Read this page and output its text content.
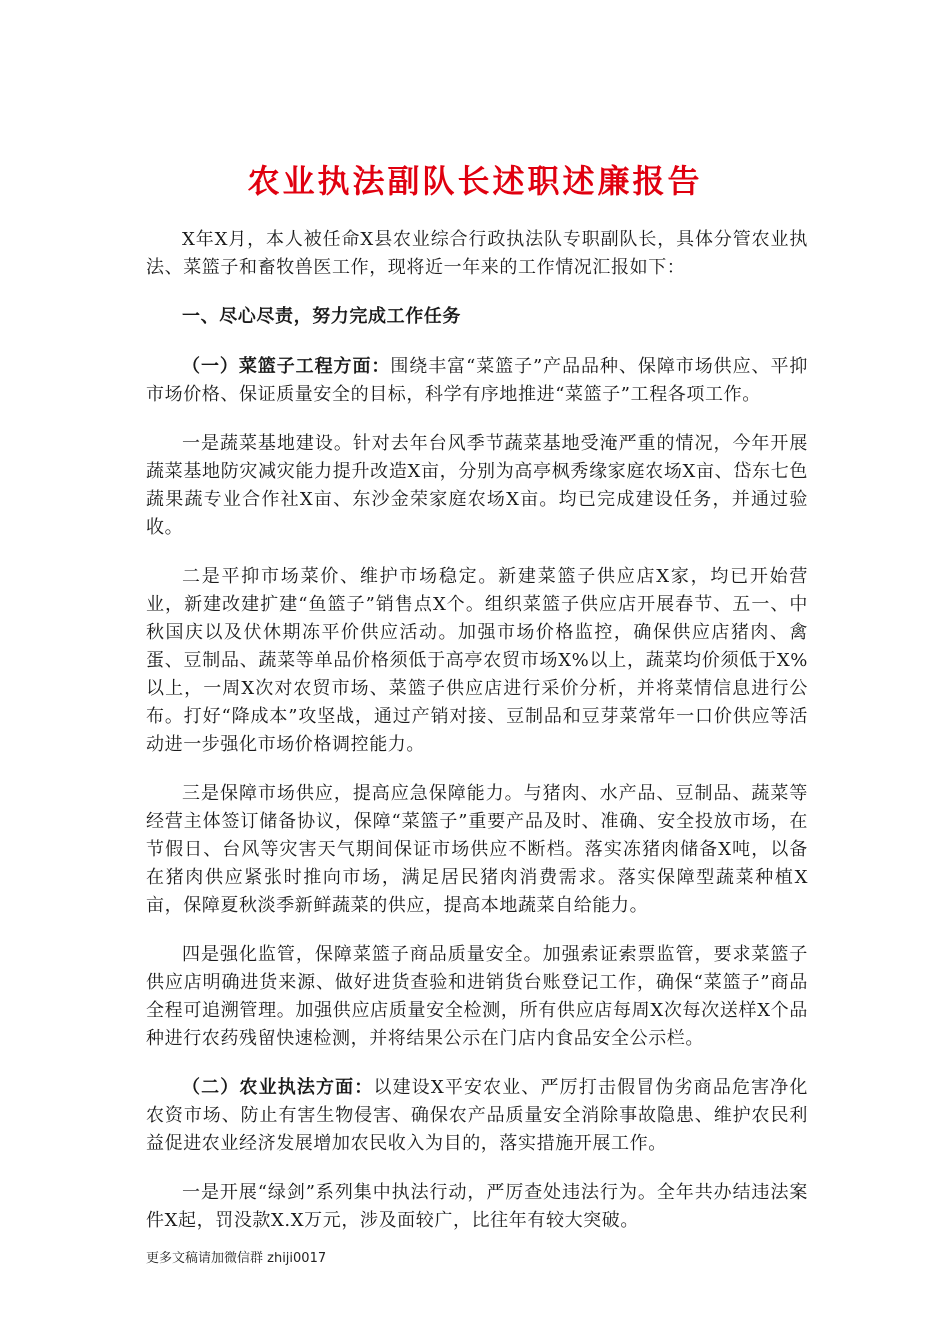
农业执法副队长述职述廉报告

X年X月，本人被任命X县农业综合行政执法队专职副队长，具体分管农业执法、菜篮子和畜牧兽医工作，现将近一年来的工作情况汇报如下：

一、尽心尽责，努力完成工作任务

（一）菜篮子工程方面：围绕丰富“菜篮子”产品品种、保障市场供应、平抑市场价格、保证质量安全的目标，科学有序地推进“菜篮子”工程各项工作。

一是蔬菜基地建设。针对去年台风季节蔬菜基地受淹严重的情况，今年开展蔬菜基地防灾减灾能力提升改造X亩，分别为高亭枫秀缘家庭农场X亩、岱东七色蔬果蔬专业合作社X亩、东沙金荣家庭农场X亩。均已完成建设任务，并通过验收。

二是平抑市场菜价、维护市场稳定。新建菜篮子供应店X家，均已开始营业，新建改建扩建“鱼篮子”销售点X个。组织菜篮子供应店开展春节、五一、中秋国庆以及伏休期冻平价供应活动。加强市场价格监控，确保供应店猪肉、禽蛋、豆制品、蔬菜等单品价格须低于高亭农贸市场X%以上，蔬菜均价须低于X%以上，一周X次对农贸市场、菜篮子供应店进行采价分析，并将菜情信息进行公布。打好“降成本”攻坚战，通过产销对接、豆制品和豆芽菜常年一口价供应等活动进一步强化市场价格调控能力。

三是保障市场供应，提高应急保障能力。与猪肉、水产品、豆制品、蔬菜等经营主体签订储备协议，保障“菜篮子”重要产品及时、准确、安全投放市场，在节假日、台风等灾害天气期间保证市场供应不断档。落实冻猪肉储备X吨，以备在猪肉供应紧张时推向市场，满足居民猪肉消费需求。落实保障型蔬菜种植X亩，保障夏秋淡季新鲜蔬菜的供应，提高本地蔬菜自给能力。

四是强化监管，保障菜篮子商品质量安全。加强索证索票监管，要求菜篮子供应店明确进货来源、做好进货查验和进销货台账登记工作，确保“菜篮子”商品全程可追溯管理。加强供应店质量安全检测，所有供应店每周X次每次送样X个品种进行农药残留快速检测，并将结果公示在门店内食品安全公示栏。

（二）农业执法方面：以建设X平安农业、严厉打击假冒伪劣商品危害净化农资市场、防止有害生物侵害、确保农产品质量安全消除事故隐患、维护农民利益促进农业经济发展增加农民收入为目的，落实措施开展工作。

一是开展“绿剑”系列集中执法行动，严厉查处违法行为。全年共办结违法案件X起，罚没款X.X万元，涉及面较广，比往年有较大突破。

更多文稿请加微信群 zhiji0017
